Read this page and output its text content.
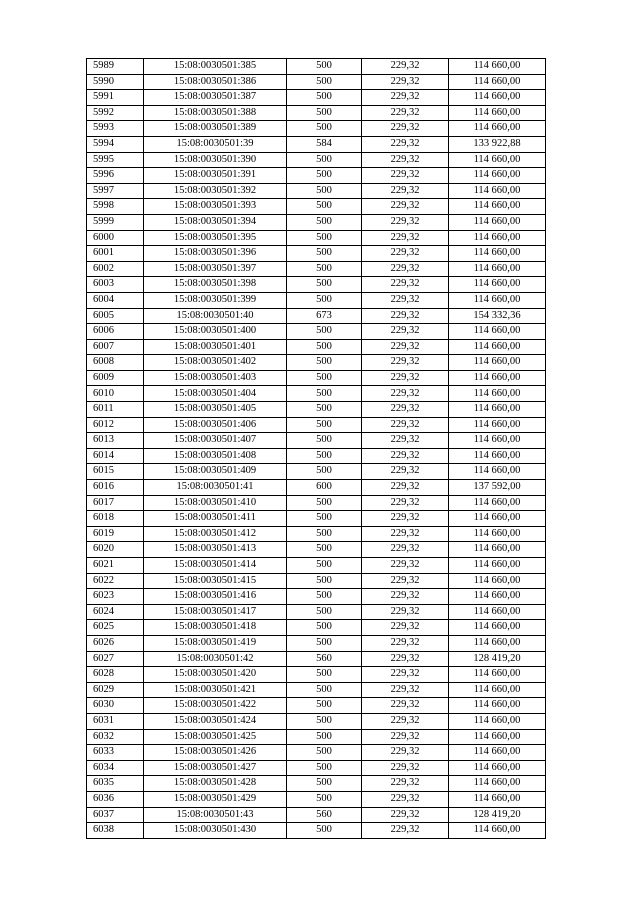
5989	15:08:0030501:385	500	229,32	114 660,00
5990	15:08:0030501:386	500	229,32	114 660,00
5991	15:08:0030501:387	500	229,32	114 660,00
5992	15:08:0030501:388	500	229,32	114 660,00
5993	15:08:0030501:389	500	229,32	114 660,00
5994	15:08:0030501:39	584	229,32	133 922,88
5995	15:08:0030501:390	500	229,32	114 660,00
5996	15:08:0030501:391	500	229,32	114 660,00
5997	15:08:0030501:392	500	229,32	114 660,00
5998	15:08:0030501:393	500	229,32	114 660,00
5999	15:08:0030501:394	500	229,32	114 660,00
6000	15:08:0030501:395	500	229,32	114 660,00
6001	15:08:0030501:396	500	229,32	114 660,00
6002	15:08:0030501:397	500	229,32	114 660,00
6003	15:08:0030501:398	500	229,32	114 660,00
6004	15:08:0030501:399	500	229,32	114 660,00
6005	15:08:0030501:40	673	229,32	154 332,36
6006	15:08:0030501:400	500	229,32	114 660,00
6007	15:08:0030501:401	500	229,32	114 660,00
6008	15:08:0030501:402	500	229,32	114 660,00
6009	15:08:0030501:403	500	229,32	114 660,00
6010	15:08:0030501:404	500	229,32	114 660,00
6011	15:08:0030501:405	500	229,32	114 660,00
6012	15:08:0030501:406	500	229,32	114 660,00
6013	15:08:0030501:407	500	229,32	114 660,00
6014	15:08:0030501:408	500	229,32	114 660,00
6015	15:08:0030501:409	500	229,32	114 660,00
6016	15:08:0030501:41	600	229,32	137 592,00
6017	15:08:0030501:410	500	229,32	114 660,00
6018	15:08:0030501:411	500	229,32	114 660,00
6019	15:08:0030501:412	500	229,32	114 660,00
6020	15:08:0030501:413	500	229,32	114 660,00
6021	15:08:0030501:414	500	229,32	114 660,00
6022	15:08:0030501:415	500	229,32	114 660,00
6023	15:08:0030501:416	500	229,32	114 660,00
6024	15:08:0030501:417	500	229,32	114 660,00
6025	15:08:0030501:418	500	229,32	114 660,00
6026	15:08:0030501:419	500	229,32	114 660,00
6027	15:08:0030501:42	560	229,32	128 419,20
6028	15:08:0030501:420	500	229,32	114 660,00
6029	15:08:0030501:421	500	229,32	114 660,00
6030	15:08:0030501:422	500	229,32	114 660,00
6031	15:08:0030501:424	500	229,32	114 660,00
6032	15:08:0030501:425	500	229,32	114 660,00
6033	15:08:0030501:426	500	229,32	114 660,00
6034	15:08:0030501:427	500	229,32	114 660,00
6035	15:08:0030501:428	500	229,32	114 660,00
6036	15:08:0030501:429	500	229,32	114 660,00
6037	15:08:0030501:43	560	229,32	128 419,20
6038	15:08:0030501:430	500	229,32	114 660,00
